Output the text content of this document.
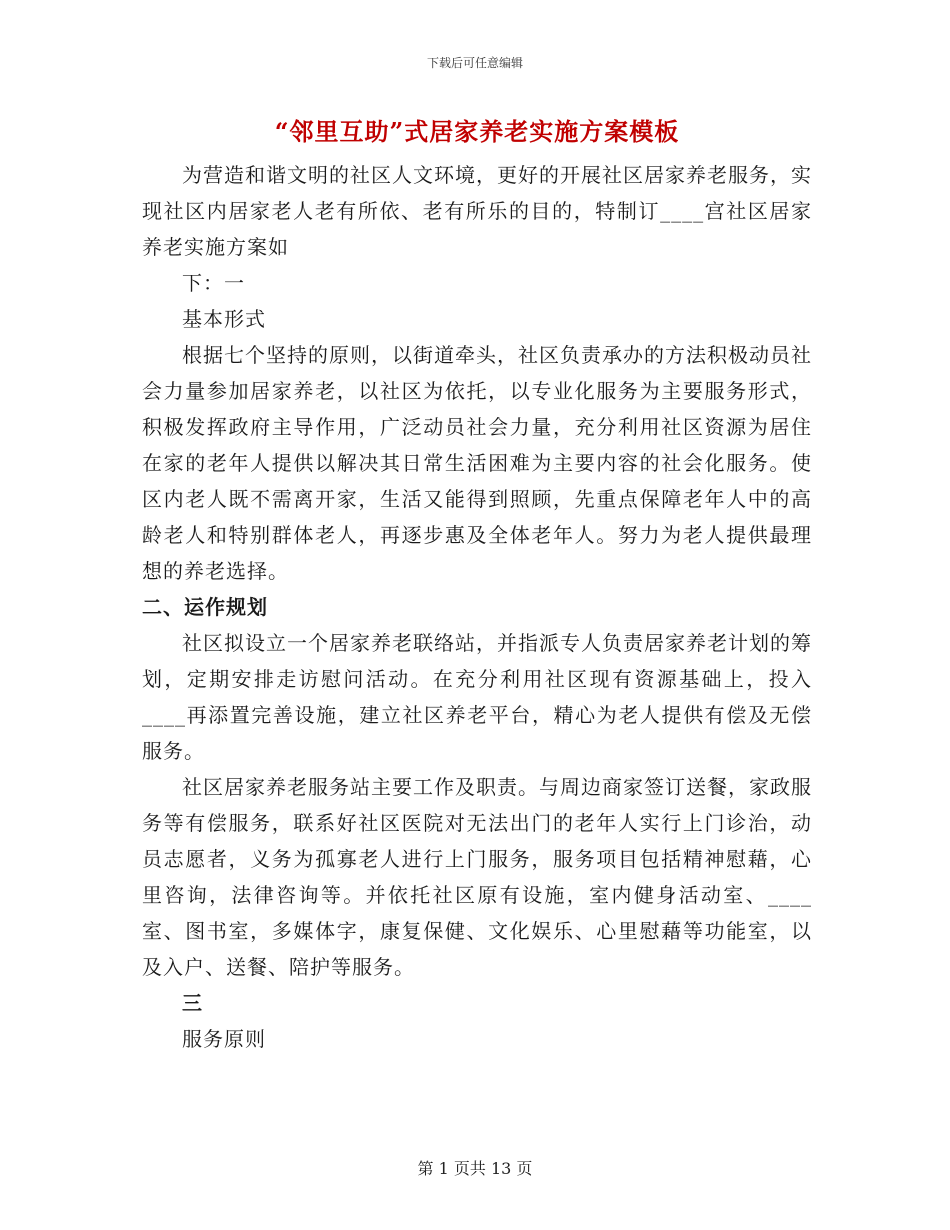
下载后可任意编辑
“邻里互助”式居家养老实施方案模板

为营造和谐文明的社区人文环境，更好的开展社区居家养老服务，实现社区内居家老人老有所依、老有所乐的目的，特制订____宫社区居家养老实施方案如

下：一

基本形式

根据七个坚持的原则，以街道牵头，社区负责承办的方法积极动员社会力量参加居家养老，以社区为依托，以专业化服务为主要服务形式，积极发挥政府主导作用，广泛动员社会力量，充分利用社区资源为居住在家的老年人提供以解决其日常生活困难为主要内容的社会化服务。使区内老人既不需离开家，生活又能得到照顾，先重点保障老年人中的高龄老人和特别群体老人，再逐步惠及全体老年人。努力为老人提供最理想的养老选择。

二、运作规划

社区拟设立一个居家养老联络站，并指派专人负责居家养老计划的筹划，定期安排走访慰问活动。在充分利用社区现有资源基础上，投入____再添置完善设施，建立社区养老平台，精心为老人提供有偿及无偿服务。

社区居家养老服务站主要工作及职责。与周边商家签订送餐，家政服务等有偿服务，联系好社区医院对无法出门的老年人实行上门诊治，动员志愿者，义务为孤寡老人进行上门服务，服务项目包括精神慰藉，心里咨询，法律咨询等。并依托社区原有设施，室内健身活动室、____室、图书室，多媒体字，康复保健、文化娱乐、心里慰藉等功能室，以及入户、送餐、陪护等服务。

三

服务原则

第 1 页共 13 页
